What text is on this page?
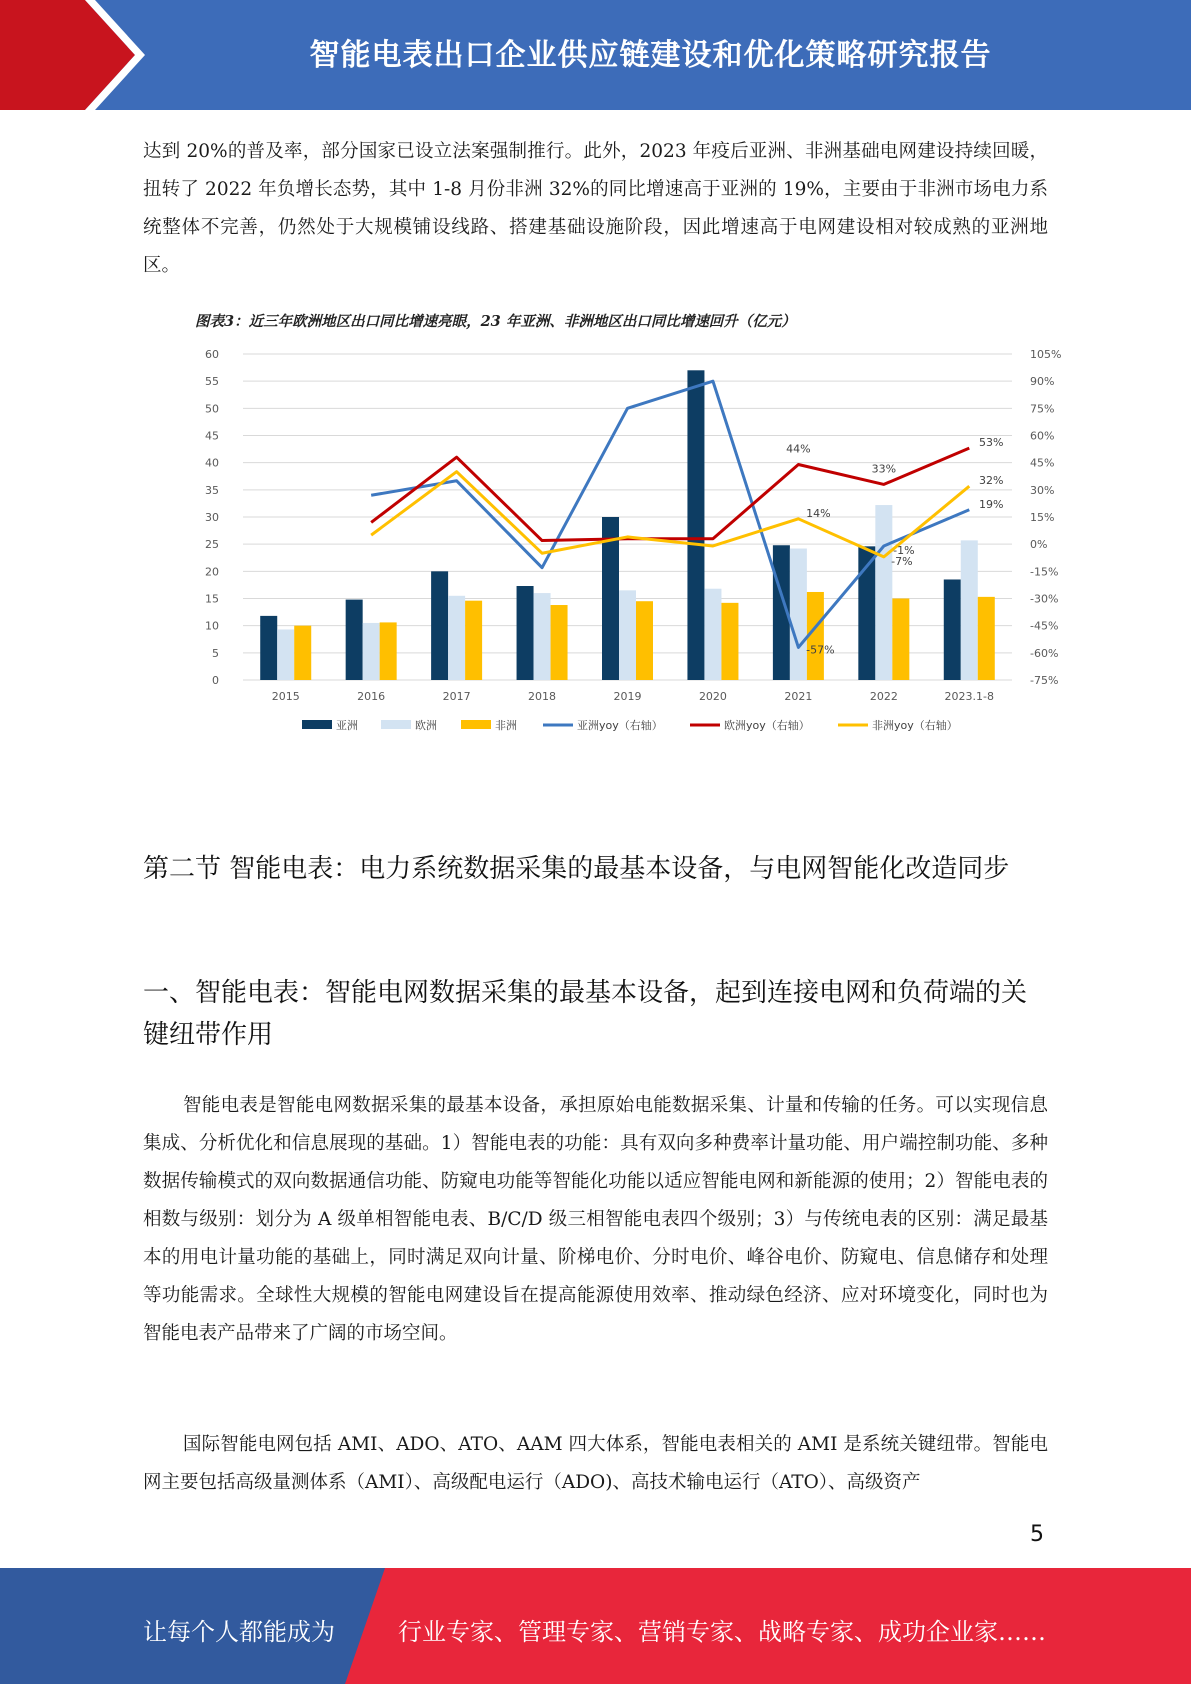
智能电表出口企业供应链建设和优化策略研究报告

达到 20%的普及率，部分国家已设立法案强制推行。此外，2023 年疫后亚洲、非洲基础电网建设持续回暖，扭转了 2022 年负增长态势，其中 1-8 月份非洲 32%的同比增速高于亚洲的 19%，主要由于非洲市场电力系统整体不完善，仍然处于大规模铺设线路、搭建基础设施阶段，因此增速高于电网建设相对较成熟的亚洲地区。

图表3：近三年欧洲地区出口同比增速亮眼，23 年亚洲、非洲地区出口同比增速回升（亿元）
0
5
10
15
20
25
30
35
40
45
50
55
60
-75%
-60%
-45%
-30%
-15%
0%
15%
30%
45%
60%
75%
90%
105%
2015	2016	2017	2018	2019	2020	2021	2022	2023.1-8
44%
33%
53%
14%
32%
19%
-1%
-7%
-57%
亚洲	欧洲	非洲	亚洲yoy（右轴）	欧洲yoy（右轴）	非洲yoy（右轴）
第二节 智能电表：电力系统数据采集的最基本设备，与电网智能化改造同步
一、智能电表：智能电网数据采集的最基本设备，起到连接电网和负荷端的关键纽带作用

智能电表是智能电网数据采集的最基本设备，承担原始电能数据采集、计量和传输的任务。可以实现信息集成、分析优化和信息展现的基础。1）智能电表的功能：具有双向多种费率计量功能、用户端控制功能、多种数据传输模式的双向数据通信功能、防窥电功能等智能化功能以适应智能电网和新能源的使用；2）智能电表的相数与级别：划分为 A 级单相智能电表、B/C/D 级三相智能电表四个级别；3）与传统电表的区别：满足最基本的用电计量功能的基础上，同时满足双向计量、阶梯电价、分时电价、峰谷电价、防窥电、信息储存和处理等功能需求。全球性大规模的智能电网建设旨在提高能源使用效率、推动绿色经济、应对环境变化，同时也为智能电表产品带来了广阔的市场空间。

国际智能电网包括 AMI、ADO、ATO、AAM 四大体系，智能电表相关的 AMI 是系统关键纽带。智能电网主要包括高级量测体系（AMI）、高级配电运行（ADO)、高技术输电运行（ATO）、高级资产

5
让每个人都能成为	行业专家、管理专家、营销专家、战略专家、成功企业家……
